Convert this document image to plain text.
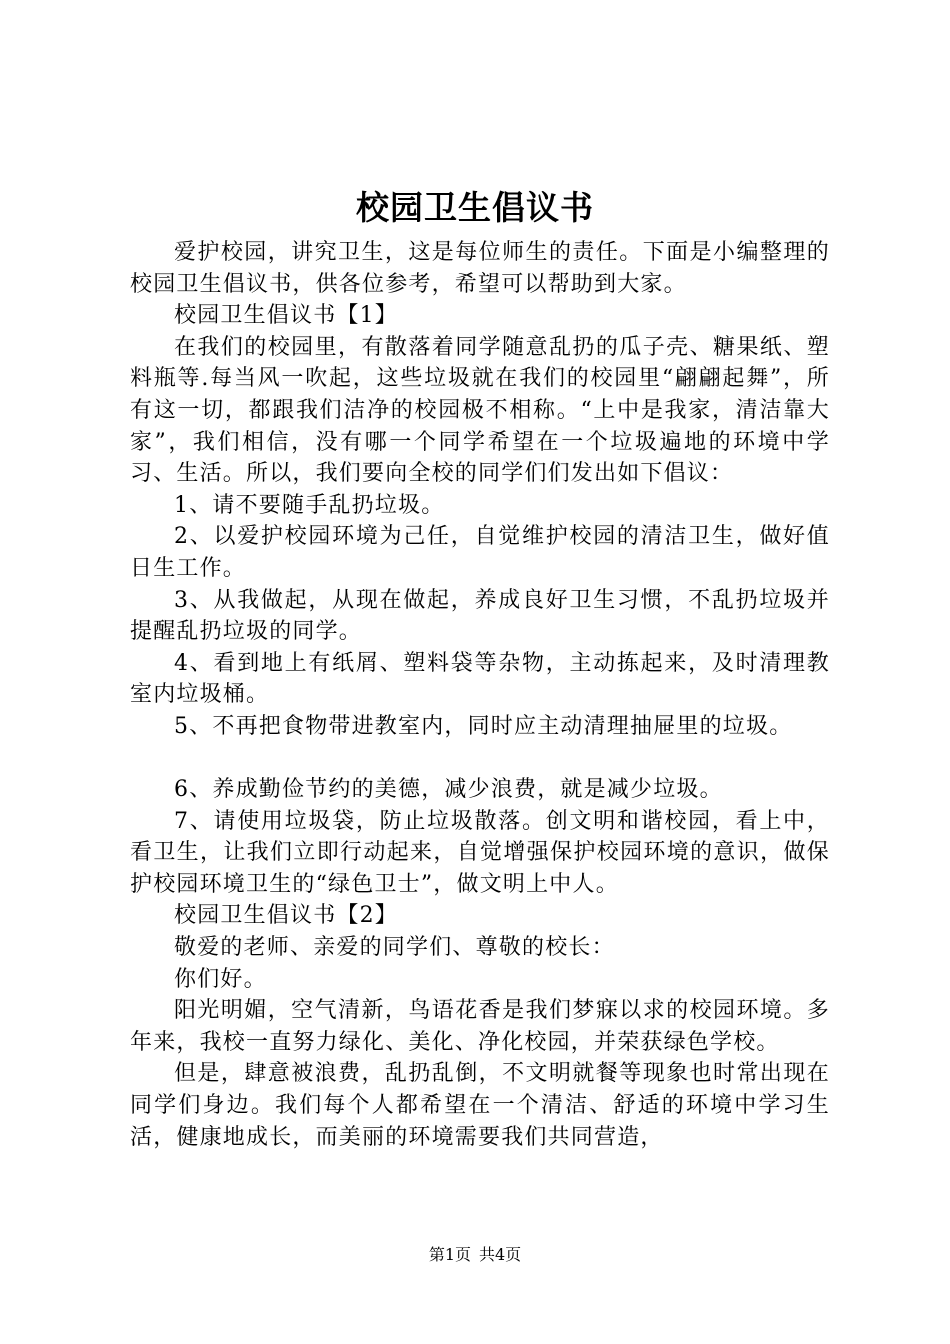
校园卫生倡议书

爱护校园，讲究卫生，这是每位师生的责任。下面是小编整理的校园卫生倡议书，供各位参考，希望可以帮助到大家。

校园卫生倡议书【1】

在我们的校园里，有散落着同学随意乱扔的瓜子壳、糖果纸、塑料瓶等.每当风一吹起，这些垃圾就在我们的校园里“翩翩起舞”，所有这一切，都跟我们洁净的校园极不相称。“上中是我家，清洁靠大家”，我们相信，没有哪一个同学希望在一个垃圾遍地的环境中学习、生活。所以，我们要向全校的同学们们发出如下倡议：

1、请不要随手乱扔垃圾。

2、以爱护校园环境为己任，自觉维护校园的清洁卫生，做好值日生工作。

3、从我做起，从现在做起，养成良好卫生习惯，不乱扔垃圾并提醒乱扔垃圾的同学。

4、看到地上有纸屑、塑料袋等杂物，主动拣起来，及时清理教室内垃圾桶。

5、不再把食物带进教室内，同时应主动清理抽屉里的垃圾。

6、养成勤俭节约的美德，减少浪费，就是减少垃圾。

7、请使用垃圾袋，防止垃圾散落。创文明和谐校园，看上中，看卫生，让我们立即行动起来，自觉增强保护校园环境的意识，做保护校园环境卫生的“绿色卫士”，做文明上中人。

校园卫生倡议书【2】

敬爱的老师、亲爱的同学们、尊敬的校长：

你们好。

阳光明媚，空气清新，鸟语花香是我们梦寐以求的校园环境。多年来，我校一直努力绿化、美化、净化校园，并荣获绿色学校。

但是，肆意被浪费，乱扔乱倒，不文明就餐等现象也时常出现在同学们身边。我们每个人都希望在一个清洁、舒适的环境中学习生活，健康地成长，而美丽的环境需要我们共同营造，

第1页 共4页
